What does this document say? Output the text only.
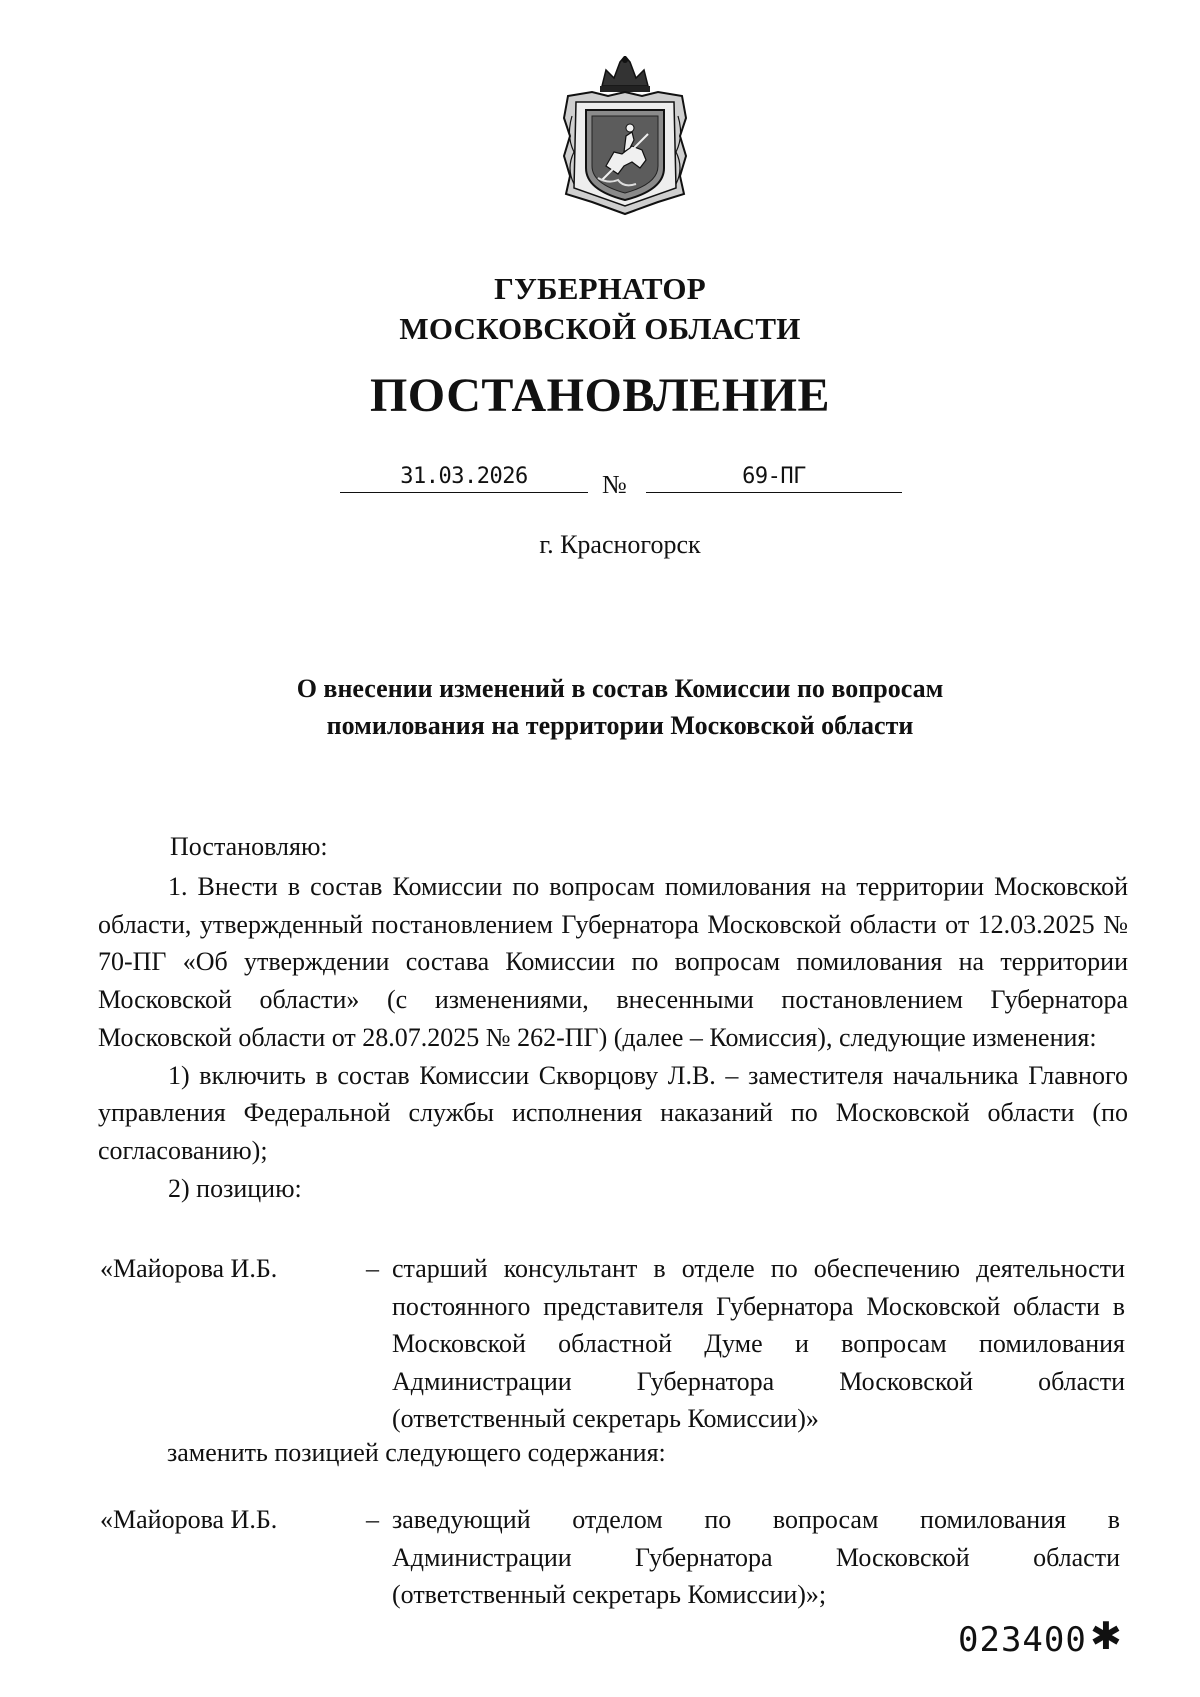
ГУБЕРНАТОР
МОСКОВСКОЙ ОБЛАСТИ
ПОСТАНОВЛЕНИЕ
31.03.2026	№	69-ПГ
г. Красногорск
О внесении изменений в состав Комиссии по вопросам
помилования на территории Московской области
Постановляю:

1. Внести в состав Комиссии по вопросам помилования на территории Московской области, утвержденный постановлением Губернатора Московской области от 12.03.2025 № 70-ПГ «Об утверждении состава Комиссии по вопросам помилования на территории Московской области» (с изменениями, внесенными постановлением Губернатора Московской области от 28.07.2025 № 262-ПГ) (далее – Комиссия), следующие изменения:

1) включить в состав Комиссии Скворцову Л.В. – заместителя начальника Главного управления Федеральной службы исполнения наказаний по Московской области (по согласованию);

2) позицию:

«Майорова И.Б.	– старший консультант в отделе по обеспечению деятельности постоянного представителя Губернатора Московской области в Московской областной Думе и вопросам помилования Администрации Губернатора Московской области (ответственный секретарь Комиссии)»
заменить позицией следующего содержания:
«Майорова И.Б.	– заведующий отделом по вопросам помилования в Администрации Губернатора Московской области (ответственный секретарь Комиссии)»;
023400 ✱
